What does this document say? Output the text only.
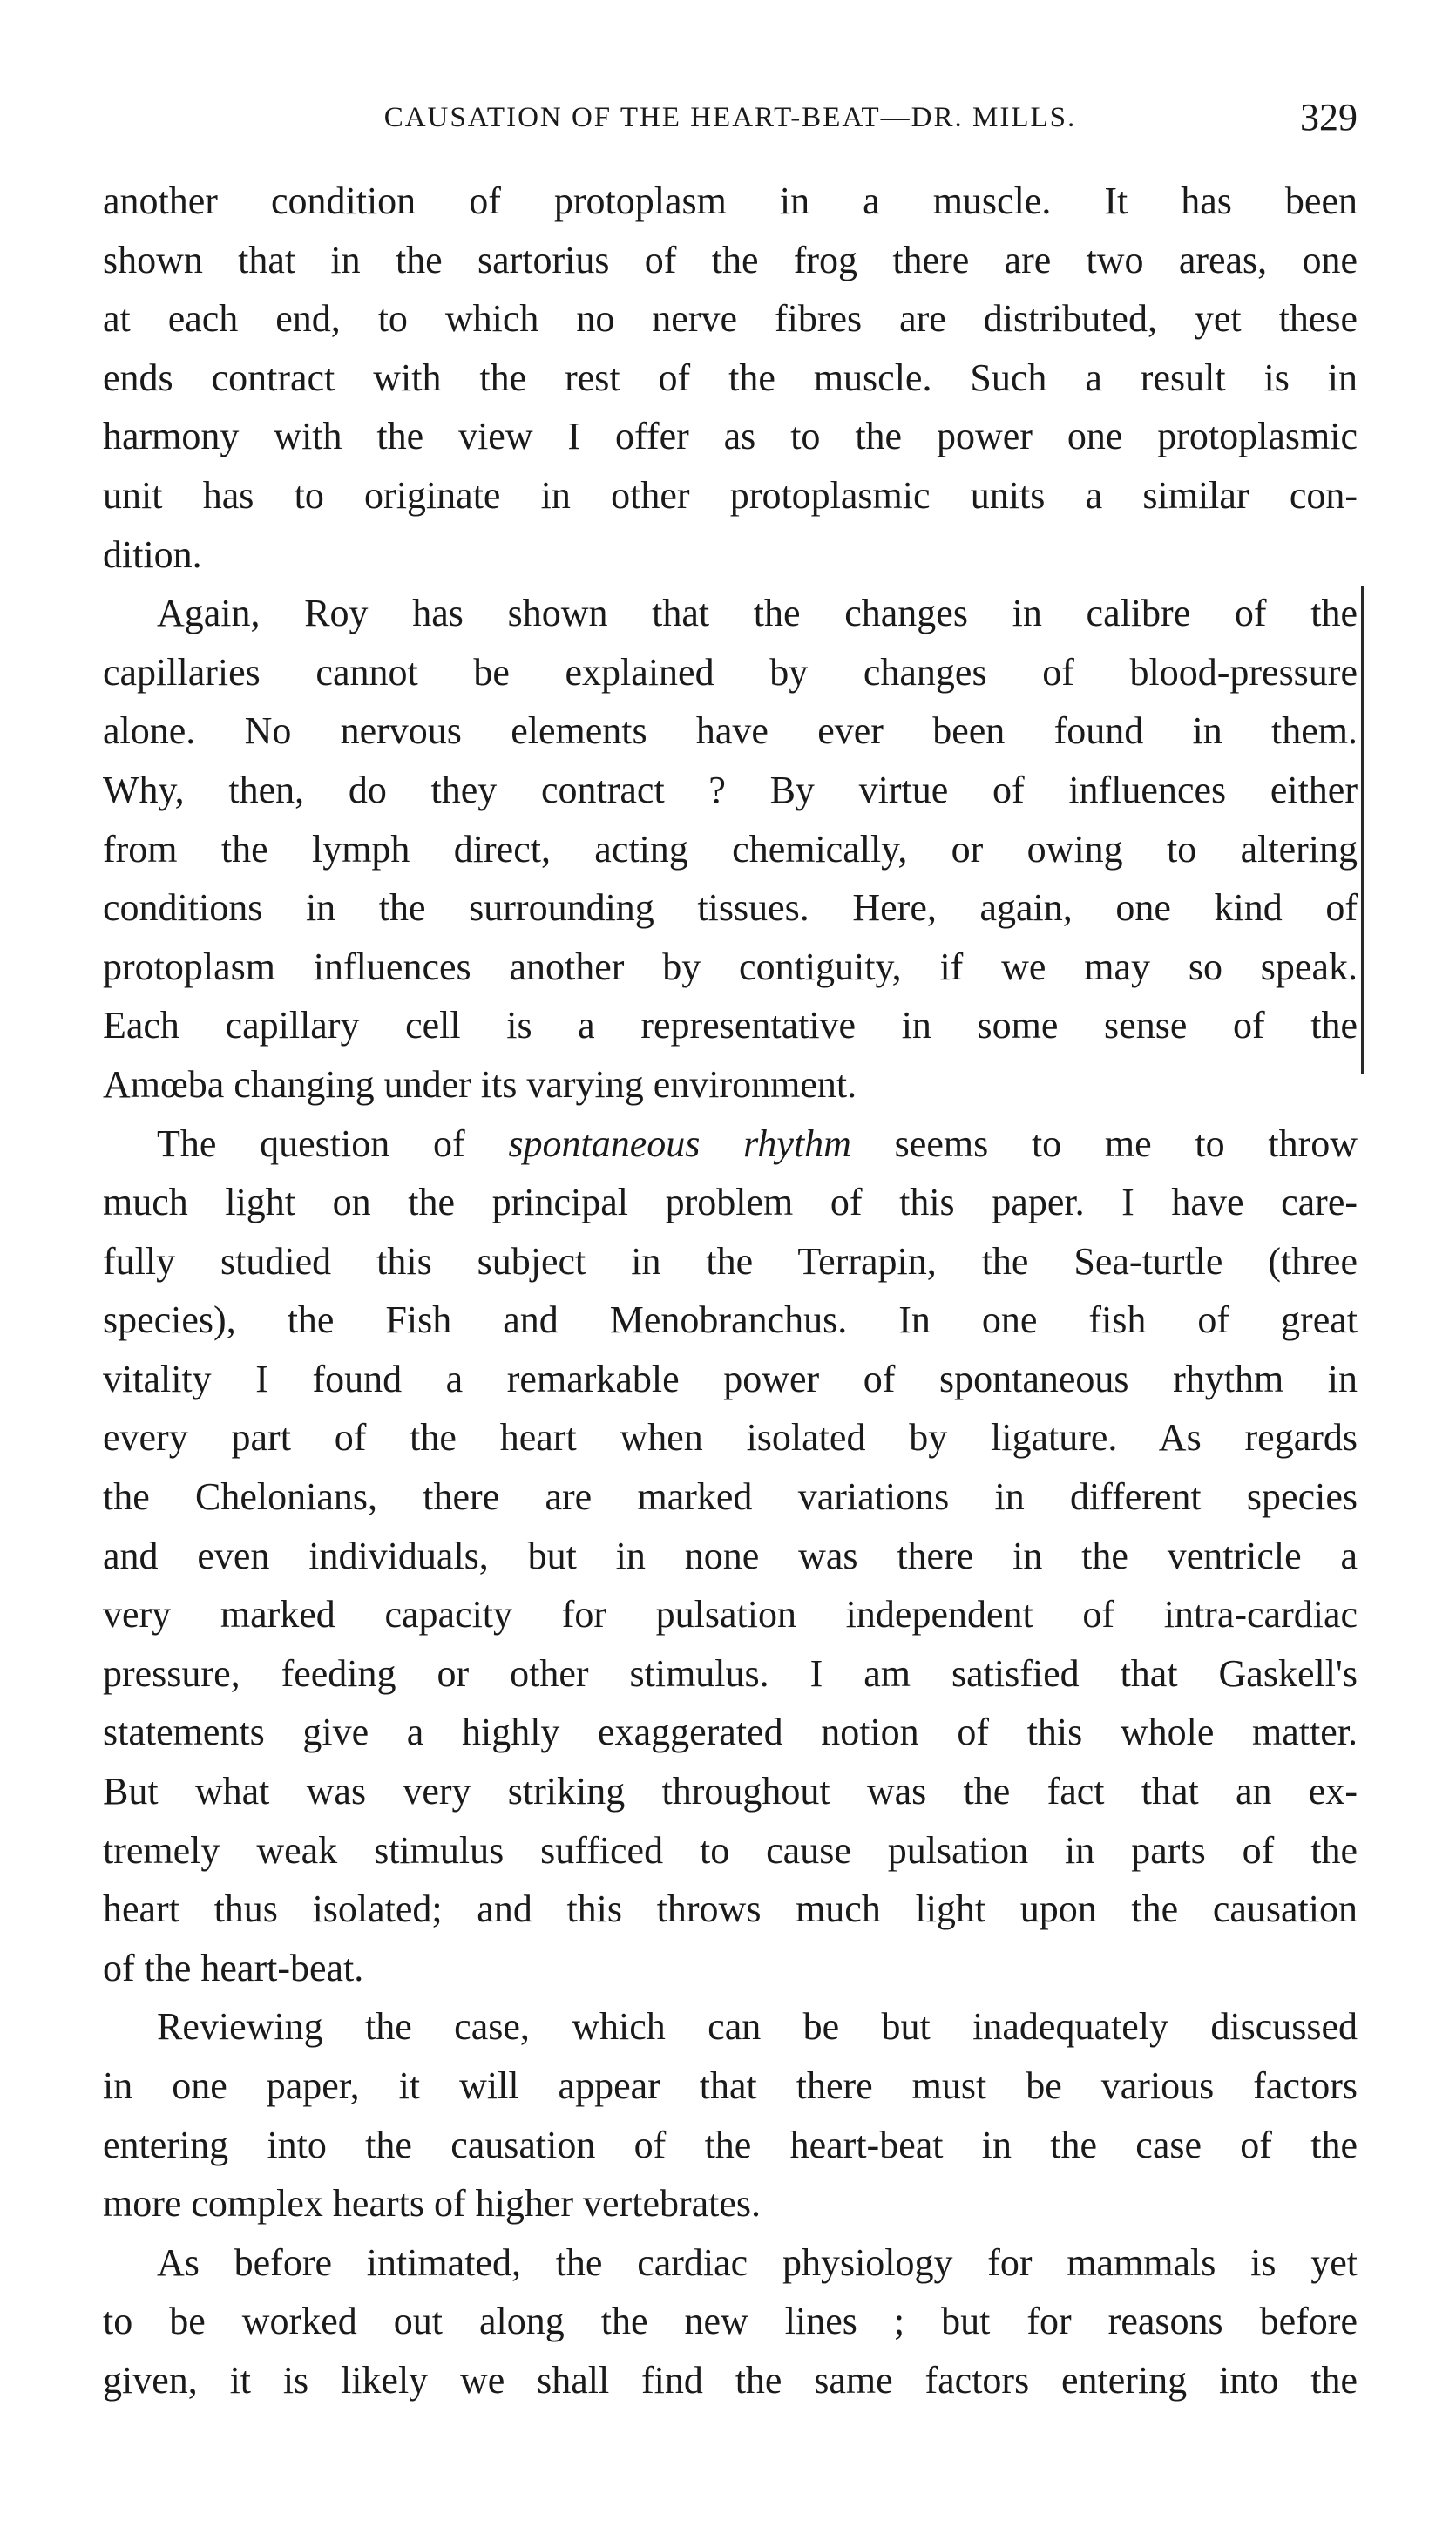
CAUSATION OF THE HEART-BEAT—DR. MILLS.	329
another condition of protoplasm in a muscle. It has been
shown that in the sartorius of the frog there are two areas, one
at each end, to which no nerve fibres are distributed, yet these
ends contract with the rest of the muscle. Such a result is in
harmony with the view I offer as to the power one protoplasmic
unit has to originate in other protoplasmic units a similar con-
dition.
Again, Roy has shown that the changes in calibre of the
capillaries cannot be explained by changes of blood-pressure
alone. No nervous elements have ever been found in them.
Why, then, do they contract ? By virtue of influences either
from the lymph direct, acting chemically, or owing to altering
conditions in the surrounding tissues. Here, again, one kind of
protoplasm influences another by contiguity, if we may so speak.
Each capillary cell is a representative in some sense of the
Amœba changing under its varying environment.
The question of spontaneous rhythm seems to me to throw
much light on the principal problem of this paper. I have care-
fully studied this subject in the Terrapin, the Sea-turtle (three
species), the Fish and Menobranchus. In one fish of great
vitality I found a remarkable power of spontaneous rhythm in
every part of the heart when isolated by ligature. As regards
the Chelonians, there are marked variations in different species
and even individuals, but in none was there in the ventricle a
very marked capacity for pulsation independent of intra-cardiac
pressure, feeding or other stimulus. I am satisfied that Gaskell's
statements give a highly exaggerated notion of this whole matter.
But what was very striking throughout was the fact that an ex-
tremely weak stimulus sufficed to cause pulsation in parts of the
heart thus isolated; and this throws much light upon the causation
of the heart-beat.
Reviewing the case, which can be but inadequately discussed
in one paper, it will appear that there must be various factors
entering into the causation of the heart-beat in the case of the
more complex hearts of higher vertebrates.
As before intimated, the cardiac physiology for mammals is yet
to be worked out along the new lines ; but for reasons before
given, it is likely we shall find the same factors entering into the
